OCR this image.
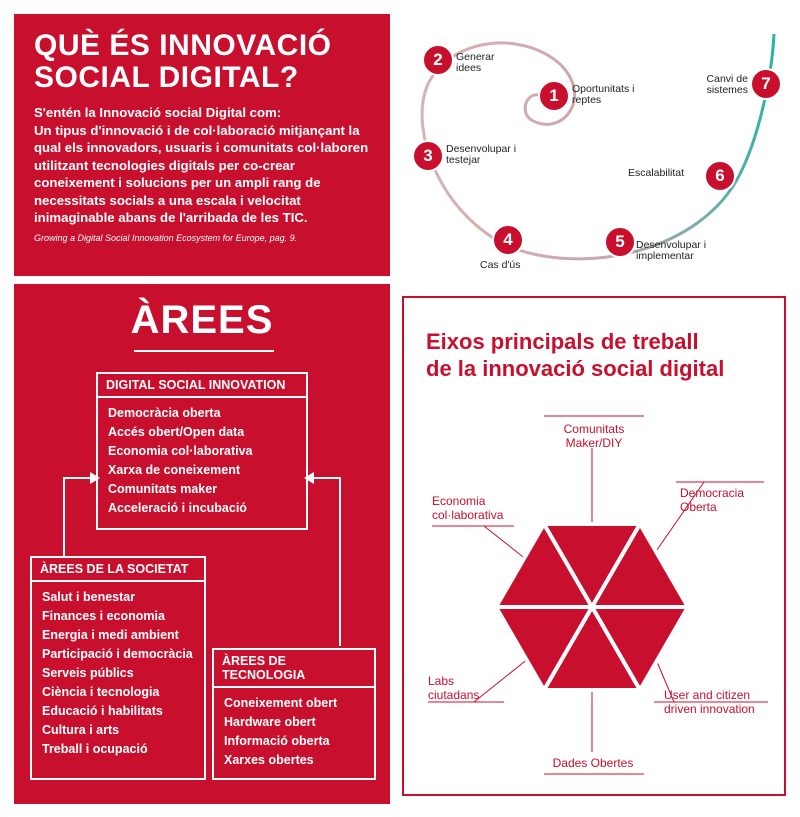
QUÈ ÉS INNOVACIÓ
SOCIAL DIGITAL?

S'entén la Innovació social Digital com:

Un tipus d'innovació i de col·laboració mitjançant la qual els innovadors, usuaris i comunitats col·laboren utilitzant tecnologies digitals per co-crear coneixement i solucions per un ampli rang de necessitats socials a una escala i velocitat inimaginable abans de l'arribada de les TIC.

Growing a Digital Social Innovation Ecosystem for Europe, pag. 9.
1	Oportunitats i reptes
2	Generar idees
3	Desenvolupar i testejar
4
Cas d'ús
5	Desenvolupar i implementar
6
Escalabilitat
7
Canvi de sistemes
ÀREES
DIGITAL SOCIAL INNOVATION
Democràcia oberta
Accés obert/Open data
Economia col·laborativa
Xarxa de coneixement
Comunitats maker
Acceleració i incubació
ÀREES DE LA SOCIETAT
Salut i benestar
Finances i economia
Energia i medi ambient
Participació i democràcia
Serveis públics
Ciència i tecnologia
Educació i habilitats
Cultura i arts
Treball i ocupació
ÀREES DE TECNOLOGIA
Coneixement obert
Hardware obert
Informació oberta
Xarxes obertes
Eixos principals de treball
de la innovació social digital
Comunitats Maker/DIY
Economia col·laborativa
Democracia Oberta
Labs ciutadans	User and citizen driven innovation
Dades Obertes
